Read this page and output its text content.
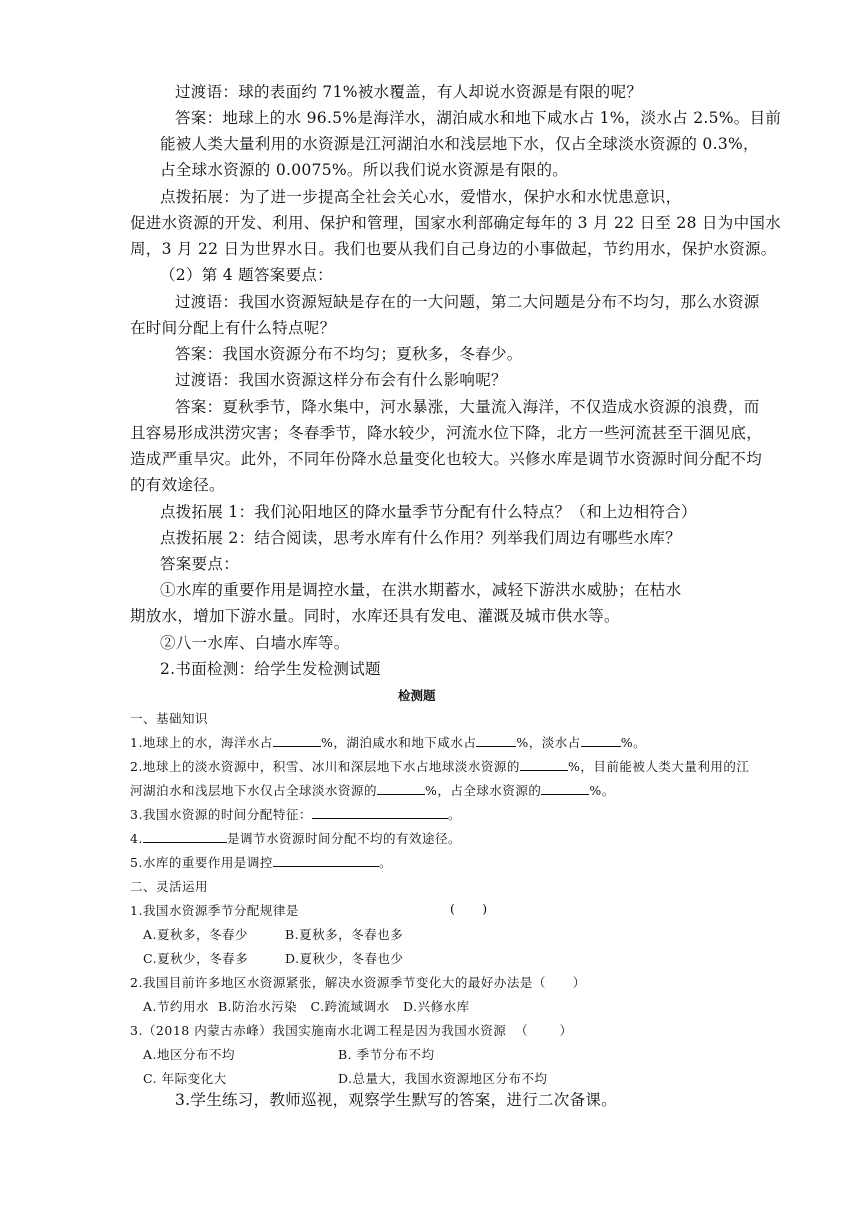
过渡语：球的表面约 71%被水覆盖，有人却说水资源是有限的呢？
答案：地球上的水 96.5%是海洋水，湖泊咸水和地下咸水占 1%，淡水占 2.5%。目前
能被人类大量利用的水资源是江河湖泊水和浅层地下水，仅占全球淡水资源的 0.3%，
占全球水资源的 0.0075%。所以我们说水资源是有限的。
点拨拓展：为了进一步提高全社会关心水，爱惜水，保护水和水忧患意识，
促进水资源的开发、利用、保护和管理，国家水利部确定每年的 3 月 22 日至 28 日为中国水
周，3 月 22 日为世界水日。我们也要从我们自己身边的小事做起，节约用水，保护水资源。
（2）第 4 题答案要点：
过渡语：我国水资源短缺是存在的一大问题，第二大问题是分布不均匀，那么水资源
在时间分配上有什么特点呢？
答案：我国水资源分布不均匀；夏秋多，冬春少。
过渡语：我国水资源这样分布会有什么影响呢？
答案：夏秋季节，降水集中，河水暴涨，大量流入海洋，不仅造成水资源的浪费，而
且容易形成洪涝灾害；冬春季节，降水较少，河流水位下降，北方一些河流甚至干涸见底，
造成严重旱灾。此外，不同年份降水总量变化也较大。兴修水库是调节水资源时间分配不均
的有效途径。
点拨拓展 1：我们沁阳地区的降水量季节分配有什么特点？（和上边相符合）
点拨拓展 2：结合阅读，思考水库有什么作用？列举我们周边有哪些水库？
答案要点：
①水库的重要作用是调控水量，在洪水期蓄水，减轻下游洪水威胁；在枯水
期放水，增加下游水量。同时，水库还具有发电、灌溉及城市供水等。
②八一水库、白墙水库等。
2.书面检测：给学生发检测试题
检测题
一、基础知识
1.地球上的水，海洋水占	%，湖泊咸水和地下咸水占	%，淡水占	%。
2.地球上的淡水资源中，积雪、冰川和深层地下水占地球淡水资源的	%，目前能被人类大量利用的江
河湖泊水和浅层地下水仅占全球淡水资源的	%，占全球水资源的	%。
3.我国水资源的时间分配特征：	。
4.	是调节水资源时间分配不均的有效途径。
5.水库的重要作用是调控	。
二、灵活运用
1.我国水资源季节分配规律是	(      )
A.夏秋多，冬春少	B.夏秋多，冬春也多
C.夏秋少，冬春多	D.夏秋少，冬春也少
2.我国目前许多地区水资源紧张，解决水资源季节变化大的最好办法是（      ）
A.节约用水  B.防治水污染   C.跨流域调水   D.兴修水库
3.（2018 内蒙古赤峰）我国实施南水北调工程是因为我国水资源  （       ）
A.地区分布不均	B. 季节分布不均
C. 年际变化大	D.总量大，我国水资源地区分布不均
3.学生练习，教师巡视，观察学生默写的答案，进行二次备课。
